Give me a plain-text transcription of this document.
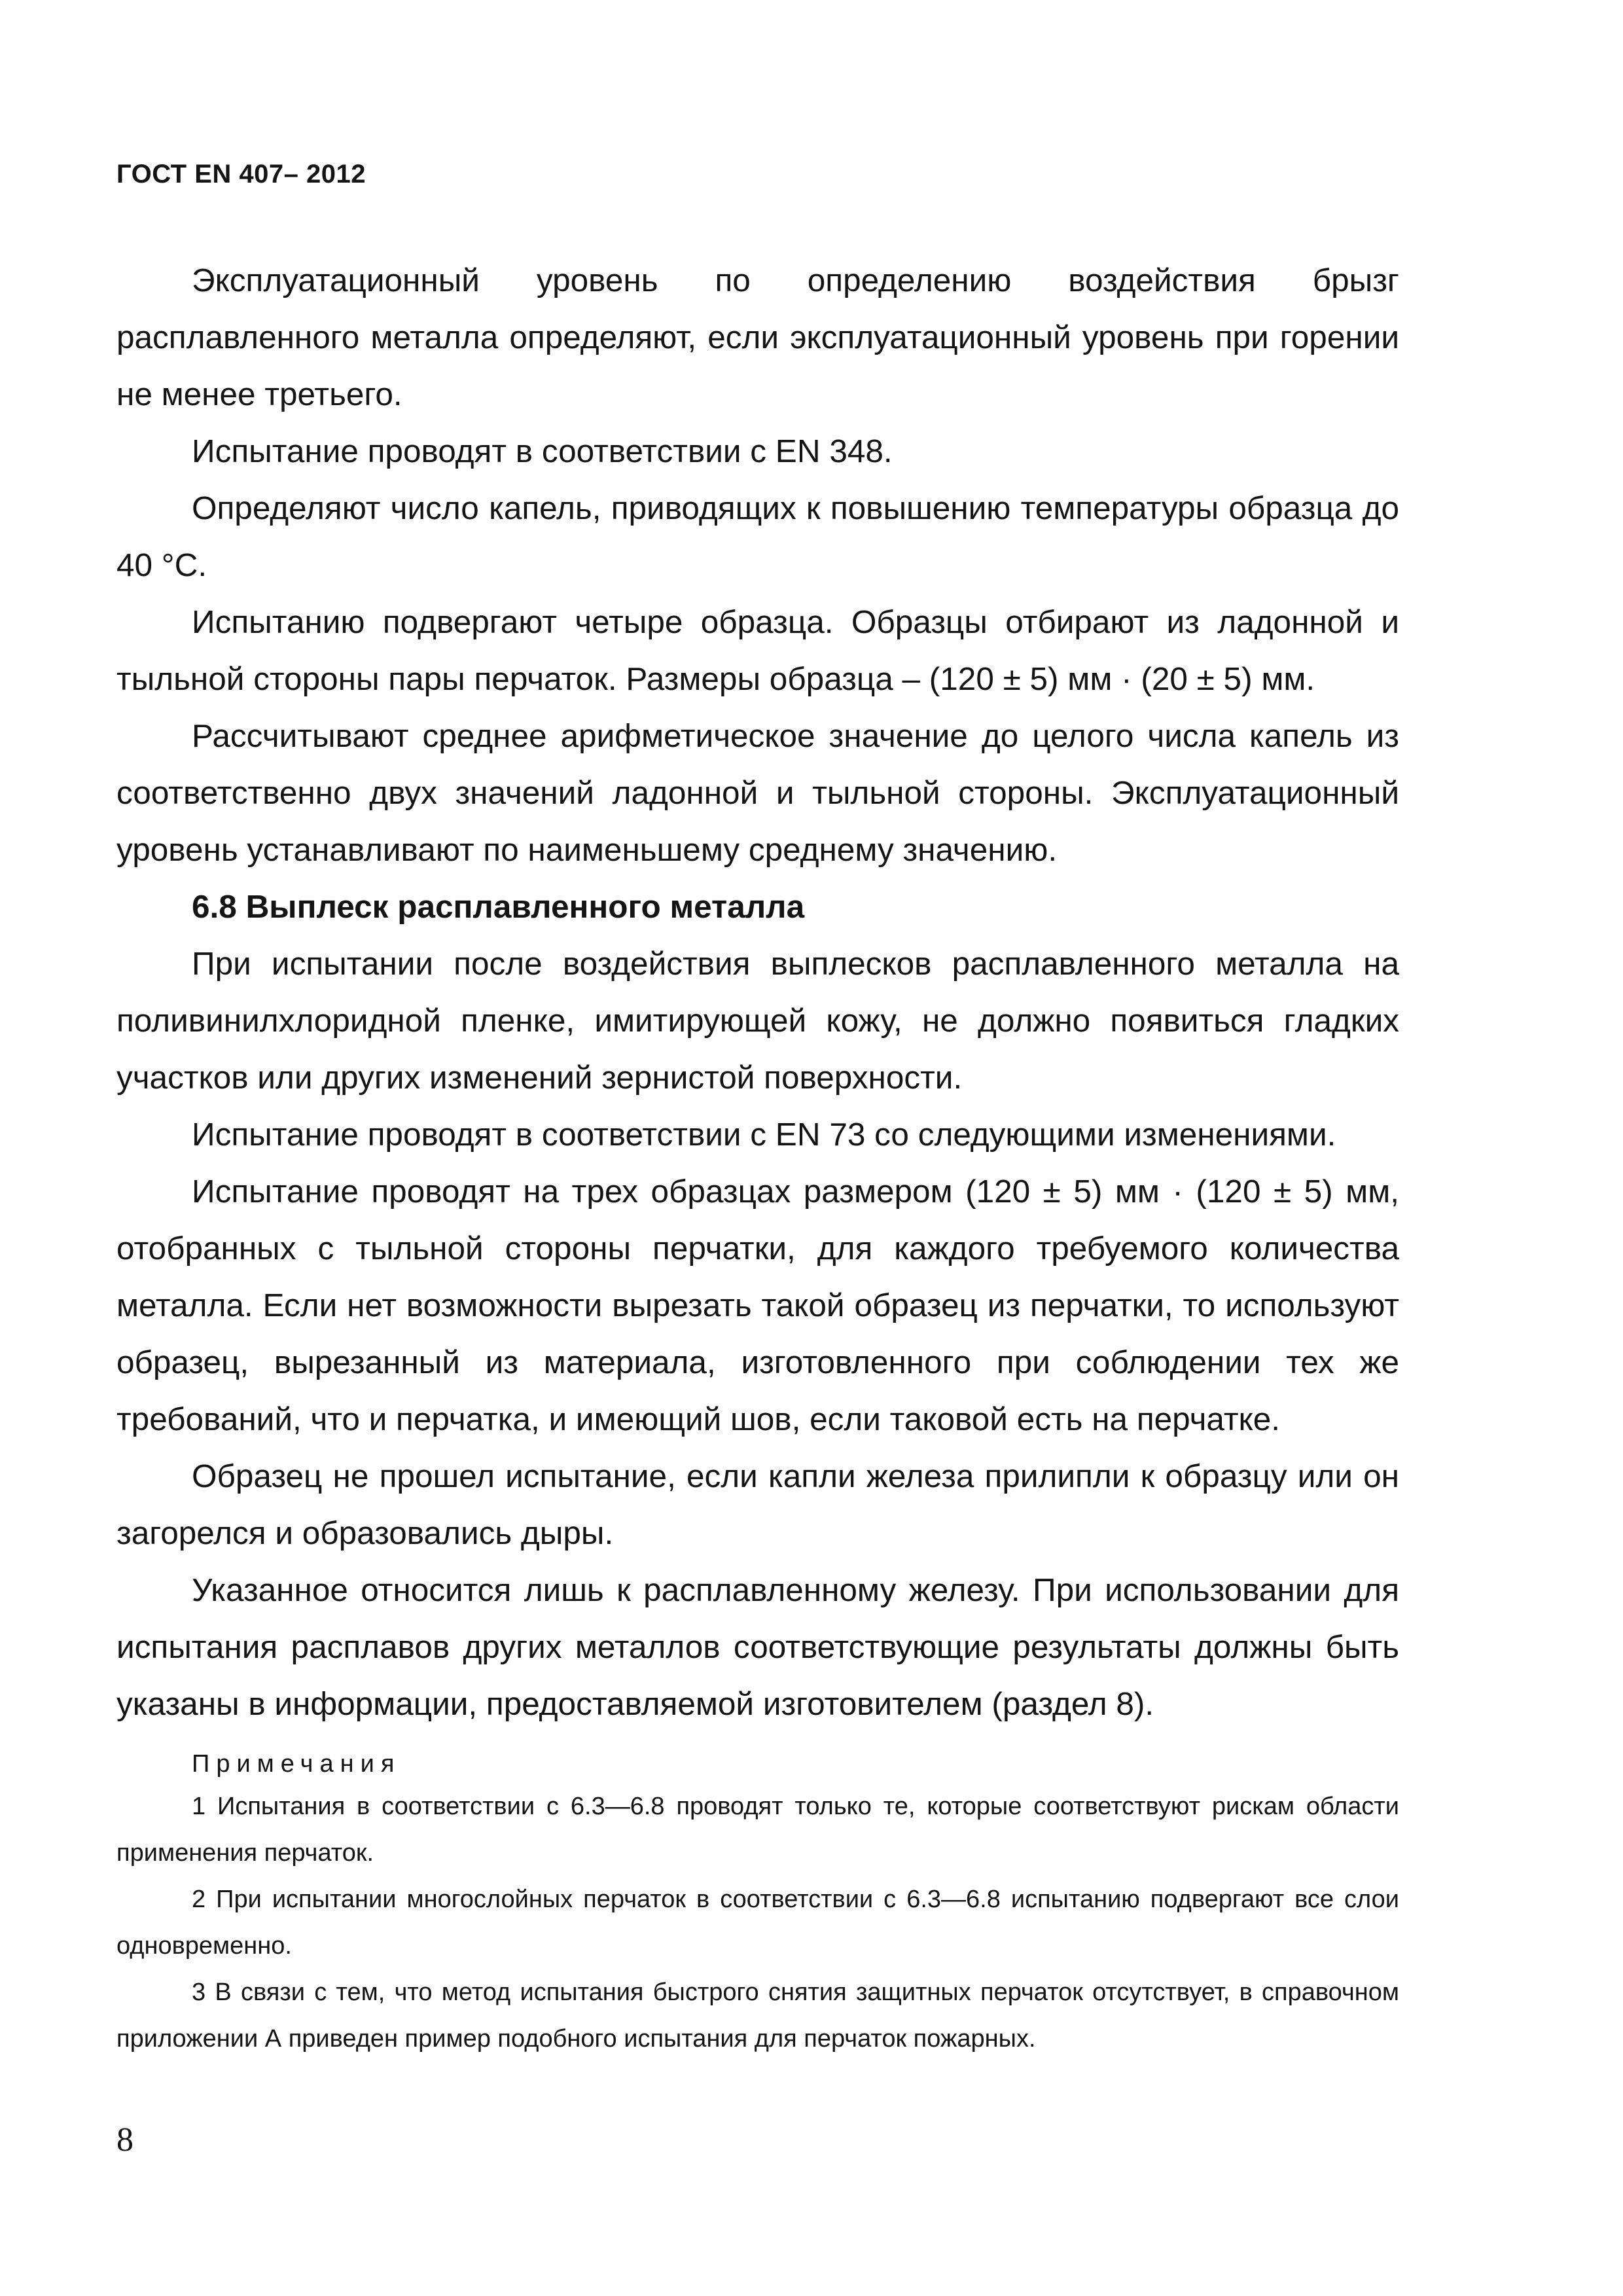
ГОСТ EN 407– 2012

Эксплуатационный уровень по определению воздействия брызг расплавленного металла определяют, если эксплуатационный уровень при горении не менее третьего.

Испытание проводят в соответствии с EN 348.

Определяют число капель, приводящих к повышению температуры образца до 40 °С.

Испытанию подвергают четыре образца. Образцы отбирают из ладонной и тыльной стороны пары перчаток. Размеры образца – (120 ± 5) мм · (20 ± 5) мм.

Рассчитывают среднее арифметическое значение до целого числа капель из соответственно двух значений ладонной и тыльной стороны. Эксплуатационный уровень устанавливают по наименьшему среднему значению.

6.8 Выплеск расплавленного металла

При испытании после воздействия выплесков расплавленного металла на поливинилхлоридной пленке, имитирующей кожу, не должно появиться гладких участков или других изменений зернистой поверхности.

Испытание проводят в соответствии с EN 73 со следующими изменениями.

Испытание проводят на трех образцах размером (120 ± 5) мм · (120 ± 5) мм, отобранных с тыльной стороны перчатки, для каждого требуемого количества металла. Если нет возможности вырезать такой образец из перчатки, то используют образец, вырезанный из материала, изготовленного при соблюдении тех же требований, что и перчатка, и имеющий шов, если таковой есть на перчатке.

Образец не прошел испытание, если капли железа прилипли к образцу или он загорелся и образовались дыры.

Указанное относится лишь к расплавленному железу. При использовании для испытания расплавов других металлов соответствующие результаты должны быть указаны в информации, предоставляемой изготовителем (раздел 8).

Примечания

1 Испытания в соответствии с 6.3—6.8 проводят только те, которые соответствуют рискам области применения перчаток.

2 При испытании многослойных перчаток в соответствии с 6.3—6.8 испытанию подвергают все слои одновременно.

3 В связи с тем, что метод испытания быстрого снятия защитных перчаток отсутствует, в справочном приложении А приведен пример подобного испытания для перчаток пожарных.

8
